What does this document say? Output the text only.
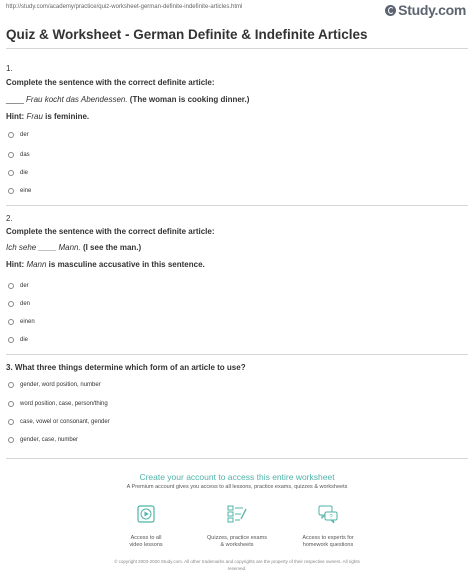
http://study.com/academy/practice/quiz-worksheet-german-definite-indefinite-articles.html	Study.com
Quiz & Worksheet - German Definite & Indefinite Articles
1.
Complete the sentence with the correct definite article:
____ Frau kocht das Abendessen. (The woman is cooking dinner.)
Hint: Frau is feminine.
der
das
die
eine
2.
Complete the sentence with the correct definite article:
Ich sehe ____ Mann. (I see the man.)
Hint: Mann is masculine accusative in this sentence.
der
den
einen
die
3. What three things determine which form of an article to use?
gender, word position, number
word position, case, person/thing
case, vowel or consonant, gender
gender, case, number
Create your account to access this entire worksheet
A Premium account gives you access to all lessons, practice exams, quizzes & worksheets
Access to all
video lessons
Quizzes, practice exams
& worksheets
?
Access to experts for
homework questions
© copyright 2003-2020 Study.com. All other trademarks and copyrights are the property of their respective owners. All rights
reserved.
